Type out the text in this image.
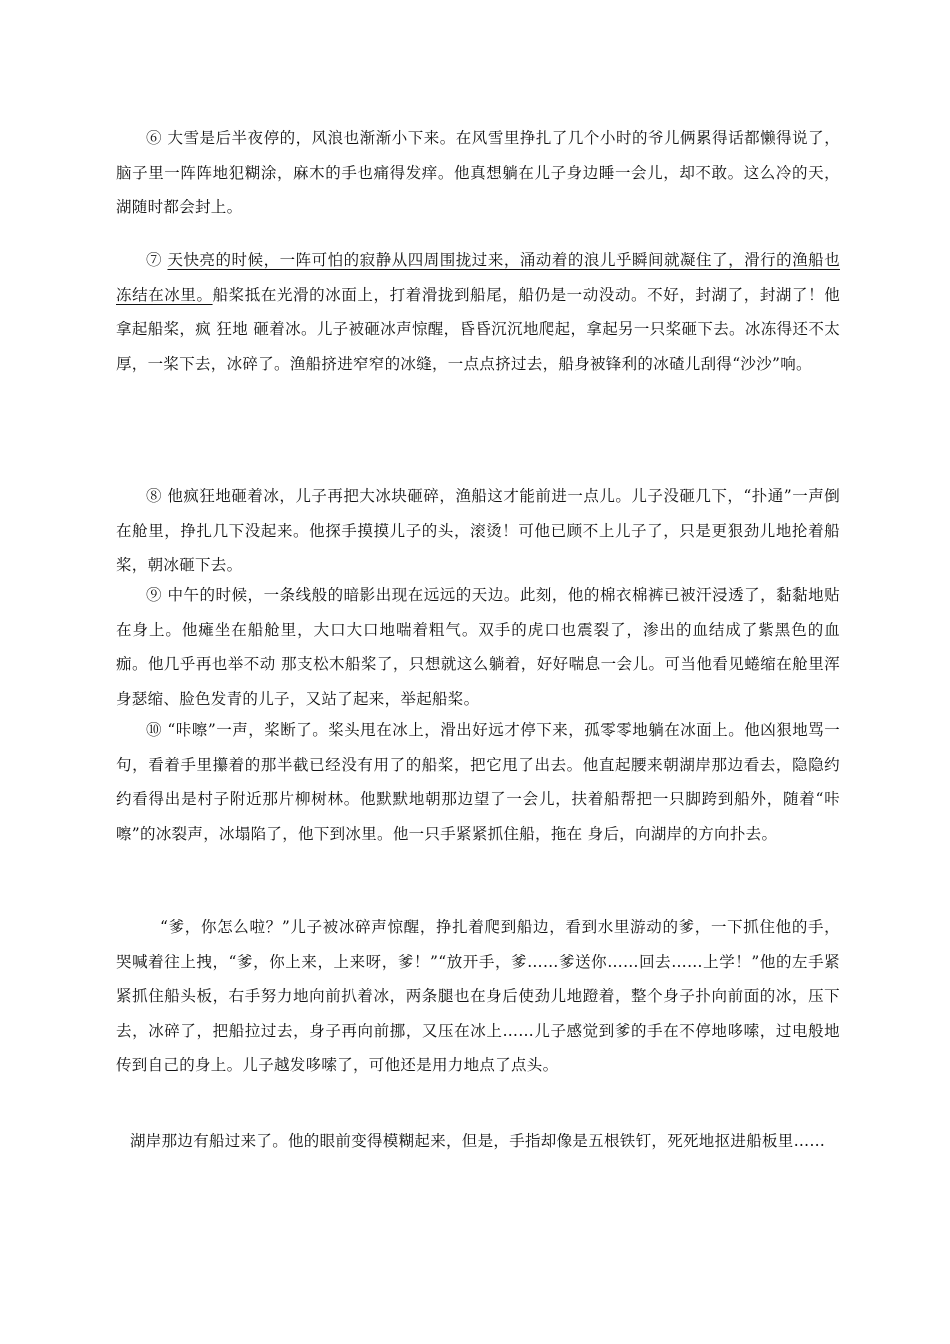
⑥ 大雪是后半夜停的，风浪也渐渐小下来。在风雪里挣扎了几个小时的爷儿俩累得话都懒得说了，脑子里一阵阵地犯糊涂，麻木的手也痛得发痒。他真想躺在儿子身边睡一会儿，却不敢。这么冷的天，湖随时都会封上。

⑦ 天快亮的时候，一阵可怕的寂静从四周围拢过来，涌动着的浪儿乎瞬间就凝住了，滑行的渔船也冻结在冰里。船桨抵在光滑的冰面上，打着滑拢到船尾，船仍是一动没动。不好，封湖了，封湖了！他拿起船桨，疯 狂地 砸着冰。儿子被砸冰声惊醒，昏昏沉沉地爬起，拿起另一只桨砸下去。冰冻得还不太厚，一桨下去，冰碎了。渔船挤进窄窄的冰缝，一点点挤过去，船身被锋利的冰碴儿刮得“沙沙”响。

⑧ 他疯狂地砸着冰，儿子再把大冰块砸碎，渔船这才能前进一点儿。儿子没砸几下，“扑通”一声倒在舱里，挣扎几下没起来。他探手摸摸儿子的头，滚烫！可他已顾不上儿子了，只是更狠劲儿地抡着船桨，朝冰砸下去。

⑨ 中午的时候，一条线般的暗影出现在远远的天边。此刻，他的棉衣棉裤已被汗浸透了，黏黏地贴在身上。他瘫坐在船舱里，大口大口地喘着粗气。双手的虎口也震裂了，渗出的血结成了紫黑色的血痂。他几乎再也举不动 那支松木船桨了，只想就这么躺着，好好喘息一会儿。可当他看见蜷缩在舱里浑身瑟缩、脸色发青的儿子，又站了起来，举起船桨。

⑩ “咔嚓”一声，桨断了。桨头甩在冰上，滑出好远才停下来，孤零零地躺在冰面上。他凶狠地骂一句，看着手里攥着的那半截已经没有用了的船桨，把它甩了出去。他直起腰来朝湖岸那边看去，隐隐约约看得出是村子附近那片柳树林。他默默地朝那边望了一会儿，扶着船帮把一只脚跨到船外，随着“咔嚓”的冰裂声，冰塌陷了，他下到冰里。他一只手紧紧抓住船，拖在 身后，向湖岸的方向扑去。

“爹，你怎么啦？”儿子被冰碎声惊醒，挣扎着爬到船边，看到水里游动的爹，一下抓住他的手，哭喊着往上拽，“爹，你上来，上来呀，爹！”“放开手，爹……爹送你……回去……上学！”他的左手紧紧抓住船头板，右手努力地向前扒着冰，两条腿也在身后使劲儿地蹬着，整个身子扑向前面的冰，压下去，冰碎了，把船拉过去，身子再向前挪，又压在冰上……儿子感觉到爹的手在不停地哆嗦，过电般地传到自己的身上。儿子越发哆嗦了，可他还是用力地点了点头。

湖岸那边有船过来了。他的眼前变得模糊起来，但是，手指却像是五根铁钉，死死地抠进船板里……
